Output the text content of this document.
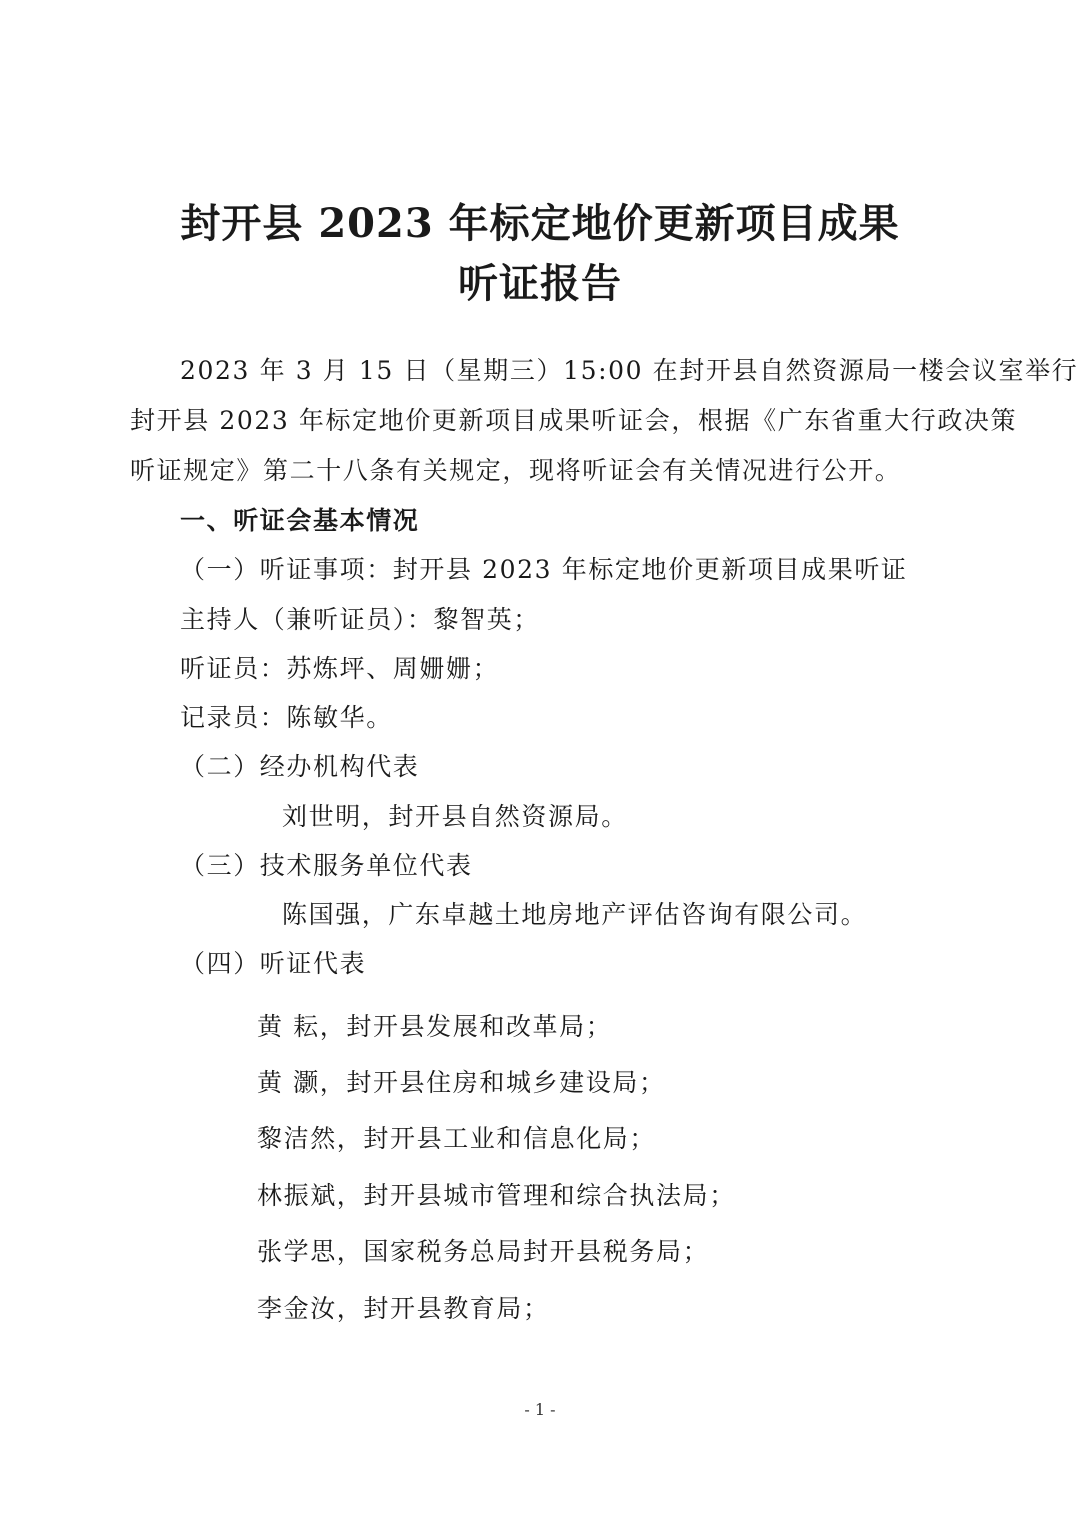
封开县 2023 年标定地价更新项目成果
听证报告

2023 年 3 月 15 日（星期三）15:00 在封开县自然资源局一楼会议室举行

封开县 2023 年标定地价更新项目成果听证会，根据《广东省重大行政决策

听证规定》第二十八条有关规定，现将听证会有关情况进行公开。

一、听证会基本情况

（一）听证事项：封开县 2023 年标定地价更新项目成果听证

主持人（兼听证员）：黎智英；

听证员：苏炼坪、周姗姗；

记录员：陈敏华。

（二）经办机构代表

刘世明，封开县自然资源局。

（三）技术服务单位代表

陈国强，广东卓越土地房地产评估咨询有限公司。

（四）听证代表

黄 耘，封开县发展和改革局；

黄 灏，封开县住房和城乡建设局；

黎洁然，封开县工业和信息化局；

林振斌，封开县城市管理和综合执法局；

张学思，国家税务总局封开县税务局；

李金汝，封开县教育局；

- 1 -
